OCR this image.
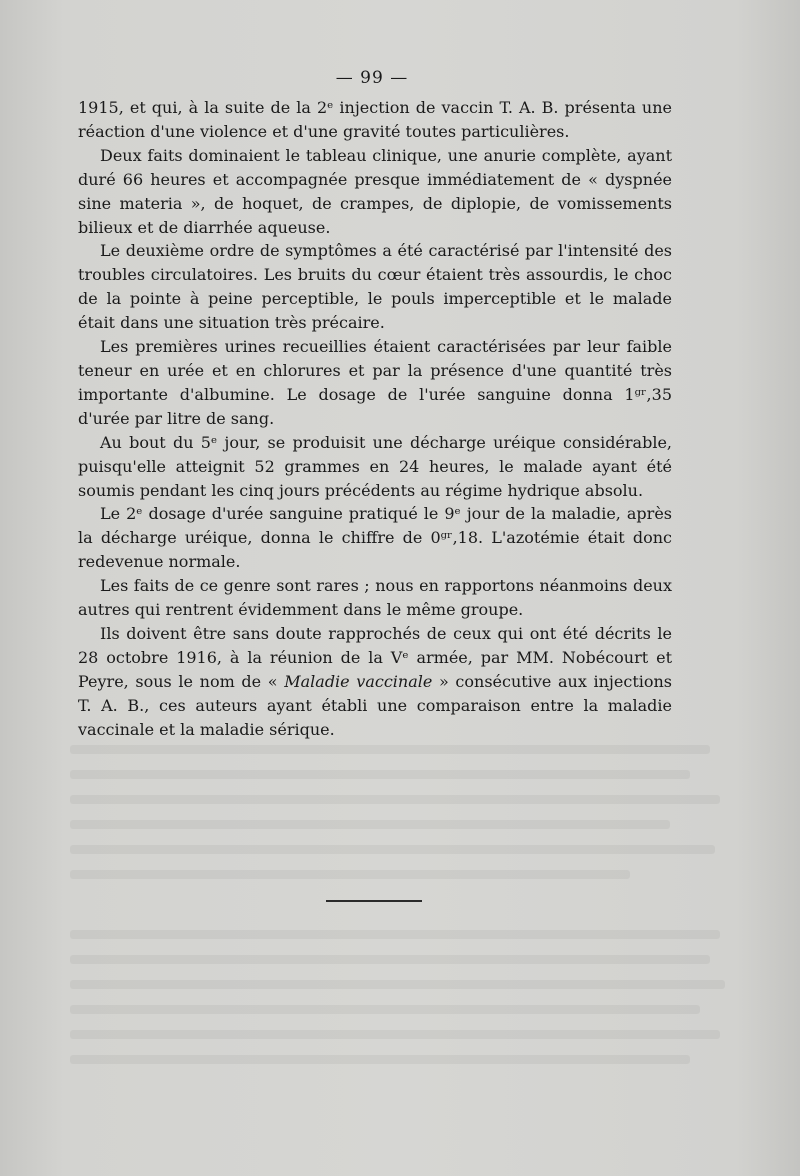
— 99 —

1915, et qui, à la suite de la 2ᵉ injection de vaccin T. A. B. présenta une réaction d'une violence et d'une gravité toutes particulières.

Deux faits dominaient le tableau clinique, une anurie complète, ayant duré 66 heures et accompagnée presque immédiatement de « dyspnée sine materia », de hoquet, de crampes, de diplopie, de vomissements bilieux et de diarrhée aqueuse.

Le deuxième ordre de symptômes a été caractérisé par l'intensité des troubles circulatoires. Les bruits du cœur étaient très assourdis, le choc de la pointe à peine perceptible, le pouls imperceptible et le malade était dans une situation très précaire.

Les premières urines recueillies étaient caractérisées par leur faible teneur en urée et en chlorures et par la présence d'une quantité très importante d'albumine. Le dosage de l'urée sanguine donna 1ᵍʳ,35 d'urée par litre de sang.

Au bout du 5ᵉ jour, se produisit une décharge uréique considérable, puisqu'elle atteignit 52 grammes en 24 heures, le malade ayant été soumis pendant les cinq jours précédents au régime hydrique absolu.

Le 2ᵉ dosage d'urée sanguine pratiqué le 9ᵉ jour de la maladie, après la décharge uréique, donna le chiffre de 0ᵍʳ,18. L'azotémie était donc redevenue normale.

Les faits de ce genre sont rares ; nous en rapportons néanmoins deux autres qui rentrent évidemment dans le même groupe.

Ils doivent être sans doute rapprochés de ceux qui ont été décrits le 28 octobre 1916, à la réunion de la Vᵉ armée, par MM. Nobécourt et Peyre, sous le nom de « Maladie vaccinale » consécutive aux injections T. A. B., ces auteurs ayant établi une comparaison entre la maladie vaccinale et la maladie sérique.
